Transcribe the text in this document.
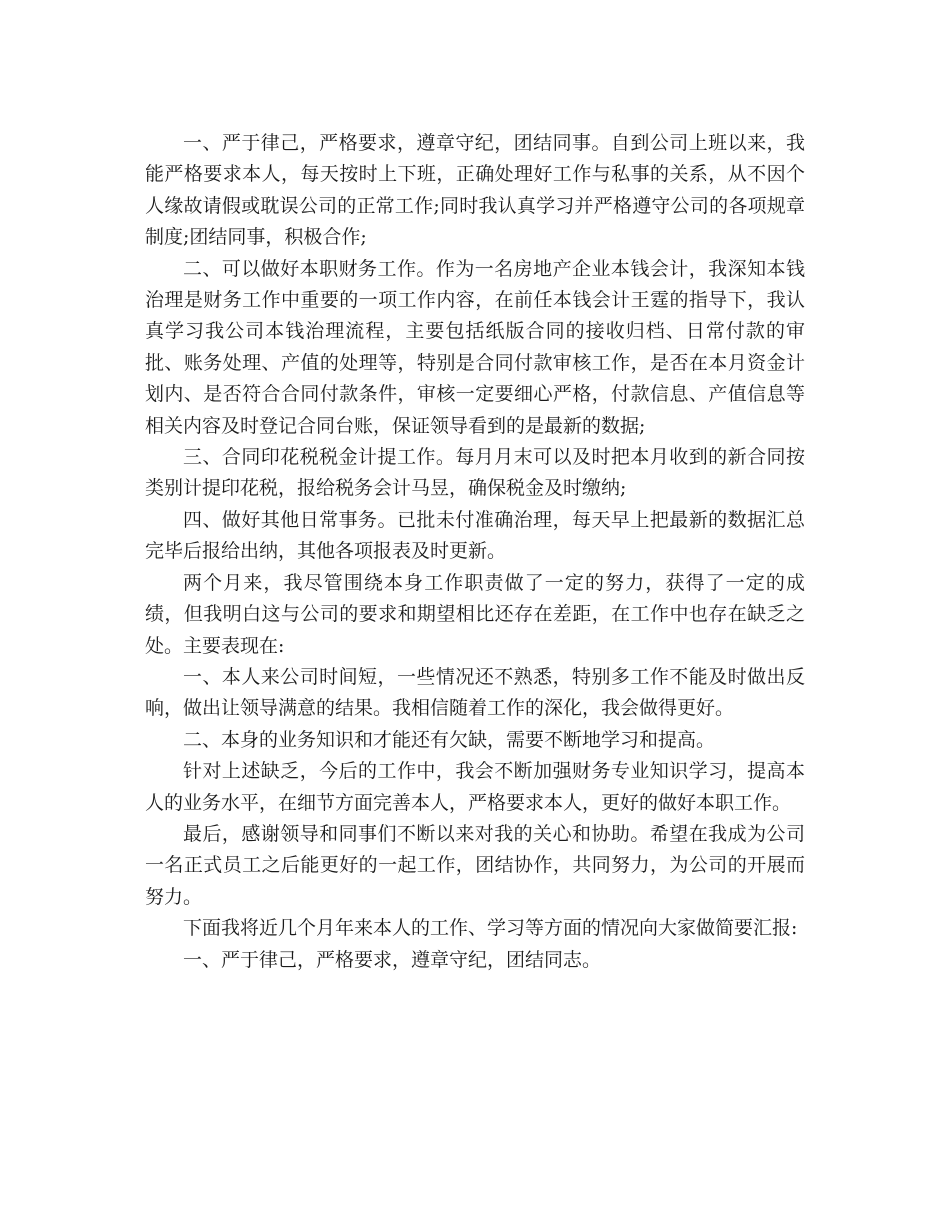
一、严于律己，严格要求，遵章守纪，团结同事。自到公司上班以来，我能严格要求本人，每天按时上下班，正确处理好工作与私事的关系，从不因个人缘故请假或耽误公司的正常工作;同时我认真学习并严格遵守公司的各项规章制度;团结同事，积极合作;

二、可以做好本职财务工作。作为一名房地产企业本钱会计，我深知本钱治理是财务工作中重要的一项工作内容，在前任本钱会计王霆的指导下，我认真学习我公司本钱治理流程，主要包括纸版合同的接收归档、日常付款的审批、账务处理、产值的处理等，特别是合同付款审核工作，是否在本月资金计划内、是否符合合同付款条件，审核一定要细心严格，付款信息、产值信息等相关内容及时登记合同台账，保证领导看到的是最新的数据;

三、合同印花税税金计提工作。每月月末可以及时把本月收到的新合同按类别计提印花税，报给税务会计马昱，确保税金及时缴纳;

四、做好其他日常事务。已批未付准确治理，每天早上把最新的数据汇总完毕后报给出纳，其他各项报表及时更新。

两个月来，我尽管围绕本身工作职责做了一定的努力，获得了一定的成绩，但我明白这与公司的要求和期望相比还存在差距，在工作中也存在缺乏之处。主要表现在:

一、本人来公司时间短，一些情况还不熟悉，特别多工作不能及时做出反响，做出让领导满意的结果。我相信随着工作的深化，我会做得更好。

二、本身的业务知识和才能还有欠缺，需要不断地学习和提高。

针对上述缺乏，今后的工作中，我会不断加强财务专业知识学习，提高本人的业务水平，在细节方面完善本人，严格要求本人，更好的做好本职工作。

最后，感谢领导和同事们不断以来对我的关心和协助。希望在我成为公司一名正式员工之后能更好的一起工作，团结协作，共同努力，为公司的开展而努力。

下面我将近几个月年来本人的工作、学习等方面的情况向大家做简要汇报:

一、严于律己，严格要求，遵章守纪，团结同志。
